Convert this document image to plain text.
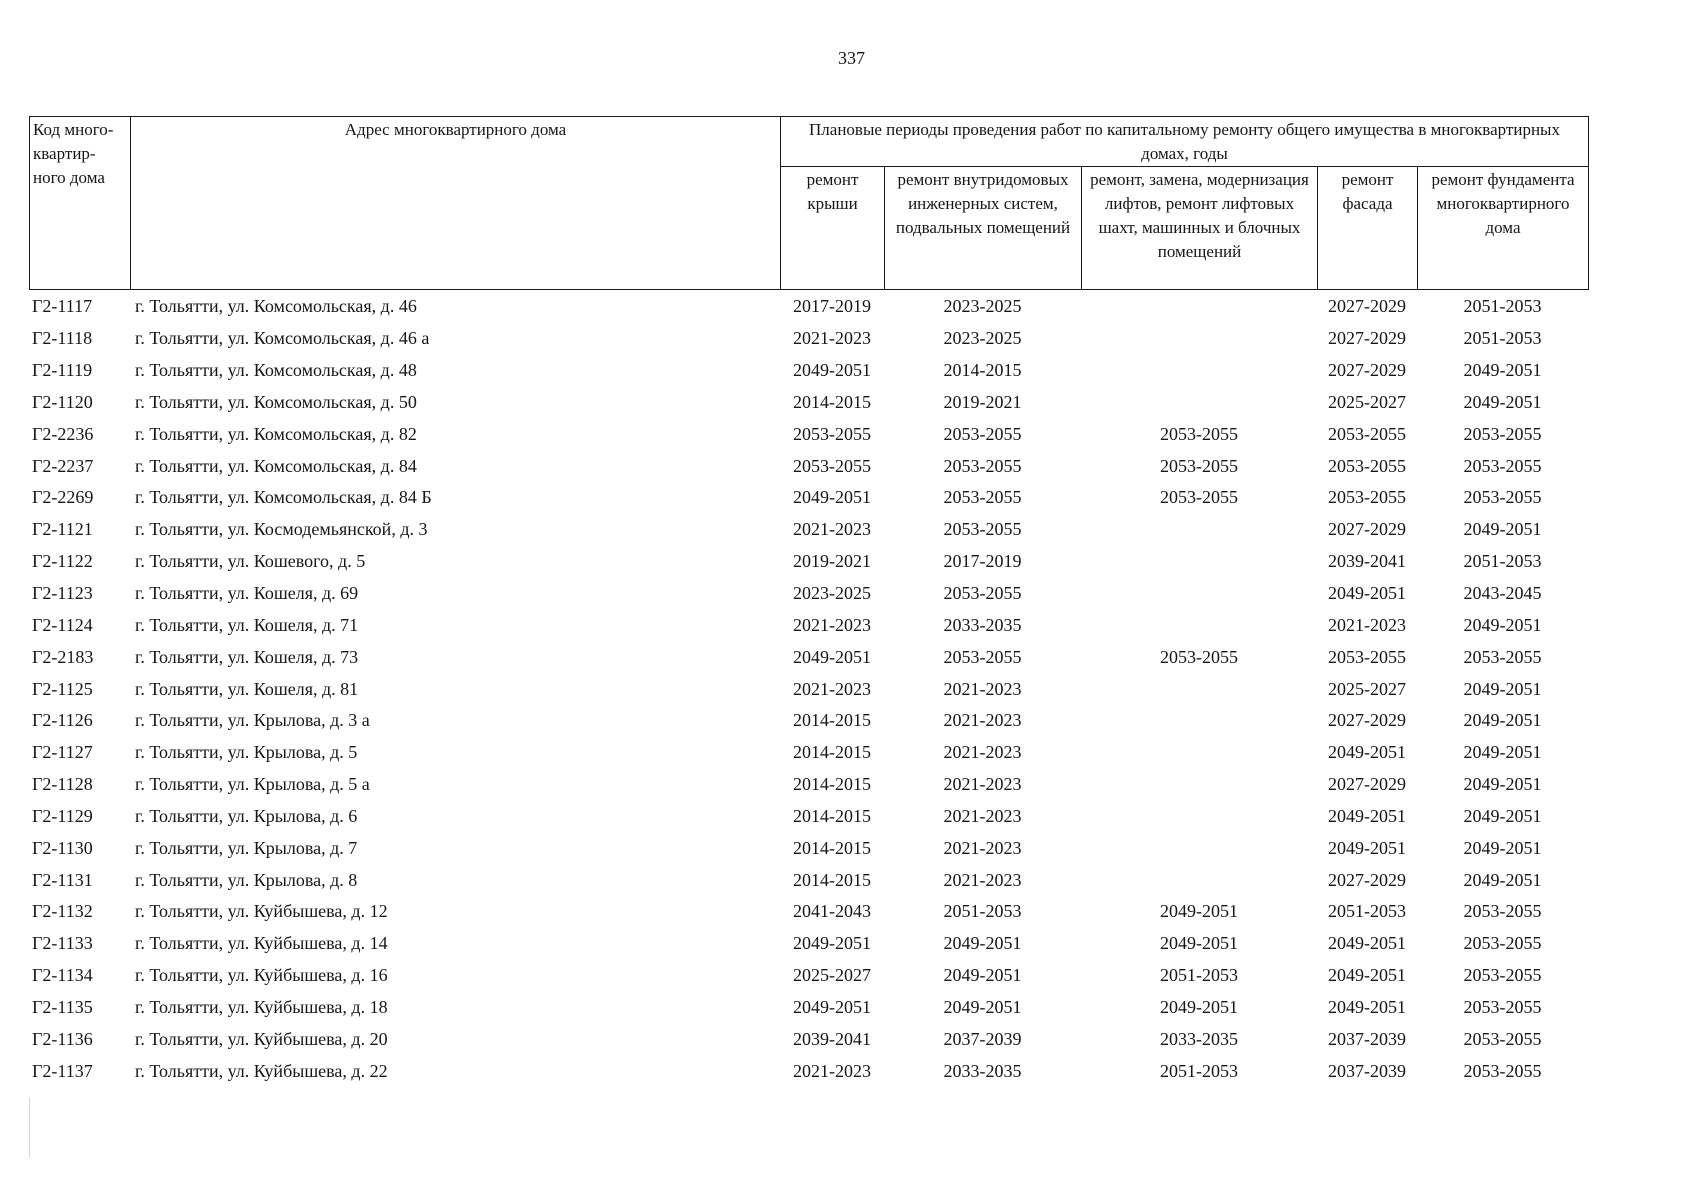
337
Код много-квартир-ного дома	Адрес многоквартирного дома	Плановые периоды проведения работ по капитальному ремонту общего имущества в многоквартирных домах, годы				
		ремонт крыши	ремонт внутридомовых инженерных систем, подвальных помещений	ремонт, замена, модернизация лифтов, ремонт лифтовых шахт, машинных и блочных помещений	ремонт фасада	ремонт фундамента многоквартирного дома
Г2-1117	г. Тольятти, ул. Комсомольская, д. 46	2017-2019	2023-2025		2027-2029	2051-2053
Г2-1118	г. Тольятти, ул. Комсомольская, д. 46 а	2021-2023	2023-2025		2027-2029	2051-2053
Г2-1119	г. Тольятти, ул. Комсомольская, д. 48	2049-2051	2014-2015		2027-2029	2049-2051
Г2-1120	г. Тольятти, ул. Комсомольская, д. 50	2014-2015	2019-2021		2025-2027	2049-2051
Г2-2236	г. Тольятти, ул. Комсомольская, д. 82	2053-2055	2053-2055	2053-2055	2053-2055	2053-2055
Г2-2237	г. Тольятти, ул. Комсомольская, д. 84	2053-2055	2053-2055	2053-2055	2053-2055	2053-2055
Г2-2269	г. Тольятти, ул. Комсомольская, д. 84 Б	2049-2051	2053-2055	2053-2055	2053-2055	2053-2055
Г2-1121	г. Тольятти, ул. Космодемьянской, д. 3	2021-2023	2053-2055		2027-2029	2049-2051
Г2-1122	г. Тольятти, ул. Кошевого, д. 5	2019-2021	2017-2019		2039-2041	2051-2053
Г2-1123	г. Тольятти, ул. Кошеля, д. 69	2023-2025	2053-2055		2049-2051	2043-2045
Г2-1124	г. Тольятти, ул. Кошеля, д. 71	2021-2023	2033-2035		2021-2023	2049-2051
Г2-2183	г. Тольятти, ул. Кошеля, д. 73	2049-2051	2053-2055	2053-2055	2053-2055	2053-2055
Г2-1125	г. Тольятти, ул. Кошеля, д. 81	2021-2023	2021-2023		2025-2027	2049-2051
Г2-1126	г. Тольятти, ул. Крылова, д. 3 а	2014-2015	2021-2023		2027-2029	2049-2051
Г2-1127	г. Тольятти, ул. Крылова, д. 5	2014-2015	2021-2023		2049-2051	2049-2051
Г2-1128	г. Тольятти, ул. Крылова, д. 5 а	2014-2015	2021-2023		2027-2029	2049-2051
Г2-1129	г. Тольятти, ул. Крылова, д. 6	2014-2015	2021-2023		2049-2051	2049-2051
Г2-1130	г. Тольятти, ул. Крылова, д. 7	2014-2015	2021-2023		2049-2051	2049-2051
Г2-1131	г. Тольятти, ул. Крылова, д. 8	2014-2015	2021-2023		2027-2029	2049-2051
Г2-1132	г. Тольятти, ул. Куйбышева, д. 12	2041-2043	2051-2053	2049-2051	2051-2053	2053-2055
Г2-1133	г. Тольятти, ул. Куйбышева, д. 14	2049-2051	2049-2051	2049-2051	2049-2051	2053-2055
Г2-1134	г. Тольятти, ул. Куйбышева, д. 16	2025-2027	2049-2051	2051-2053	2049-2051	2053-2055
Г2-1135	г. Тольятти, ул. Куйбышева, д. 18	2049-2051	2049-2051	2049-2051	2049-2051	2053-2055
Г2-1136	г. Тольятти, ул. Куйбышева, д. 20	2039-2041	2037-2039	2033-2035	2037-2039	2053-2055
Г2-1137	г. Тольятти, ул. Куйбышева, д. 22	2021-2023	2033-2035	2051-2053	2037-2039	2053-2055
